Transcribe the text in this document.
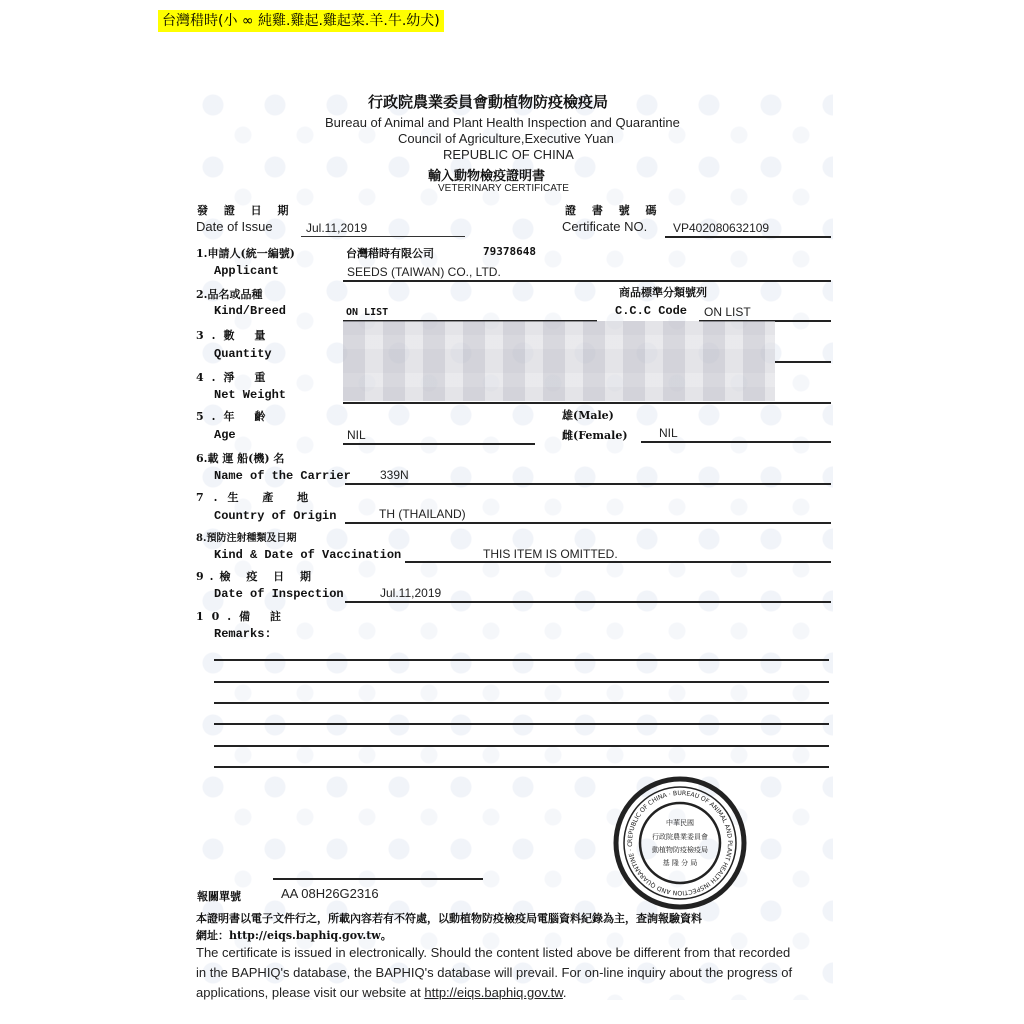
台灣稓時(小 ∞ 純雞.雞起.雞起菜.羊.牛.幼犬)
行政院農業委員會動植物防疫檢疫局
Bureau of Animal and Plant Health Inspection and Quarantine
Council of Agriculture,Executive Yuan
REPUBLIC OF CHINA
輸入動物檢疫證明書
VETERINARY CERTIFICATE
發 證 日 期
Date of Issue	Jul.11,2019
證 書 號 碼
Certificate NO. VP402080632109
1.申請人(統一編號)
Applicant
台灣稓時有限公司	79378648
SEEDS (TAIWAN) CO., LTD.
2.品名或品種
Kind/Breed	ON LIST
商品標準分類號列
C.C.C Code ON LIST
3.數 量
Quantity
4.淨 重
Net Weight
5.年 齡
Age	NIL
雄(Male)
雌(Female)	NIL
6.載 運 船(機) 名
Name of the Carrier 339N
7.生 產 地
Country of Origin	TH (THAILAND)
8.預防注射種類及日期
Kind & Date of Vaccination	THIS ITEM IS OMITTED.
9.檢 疫 日 期
Date of Inspection	Jul.11,2019
10.備 註
Remarks:
報關單號	AA 08H26G2316
本證明書以電子文件行之，所載內容若有不符處，以動植物防疫檢疫局電腦資料紀錄為主，查詢報驗資料
網址：http://eiqs.baphiq.gov.tw。
The certificate is issued in electronically. Should the content listed above be different from that recorded
in the BAPHIQ's database, the BAPHIQ's database will prevail. For on-line inquiry about the progress of
applications, please visit our website at http://eiqs.baphiq.gov.tw.
REPUBLIC OF CHINA · BUREAU OF ANIMAL AND PLANT HEALTH INSPECTION AND QUARANTINE · C
中華民國
行政院農業委員會
動植物防疫檢疫局
基 隆 分 局
